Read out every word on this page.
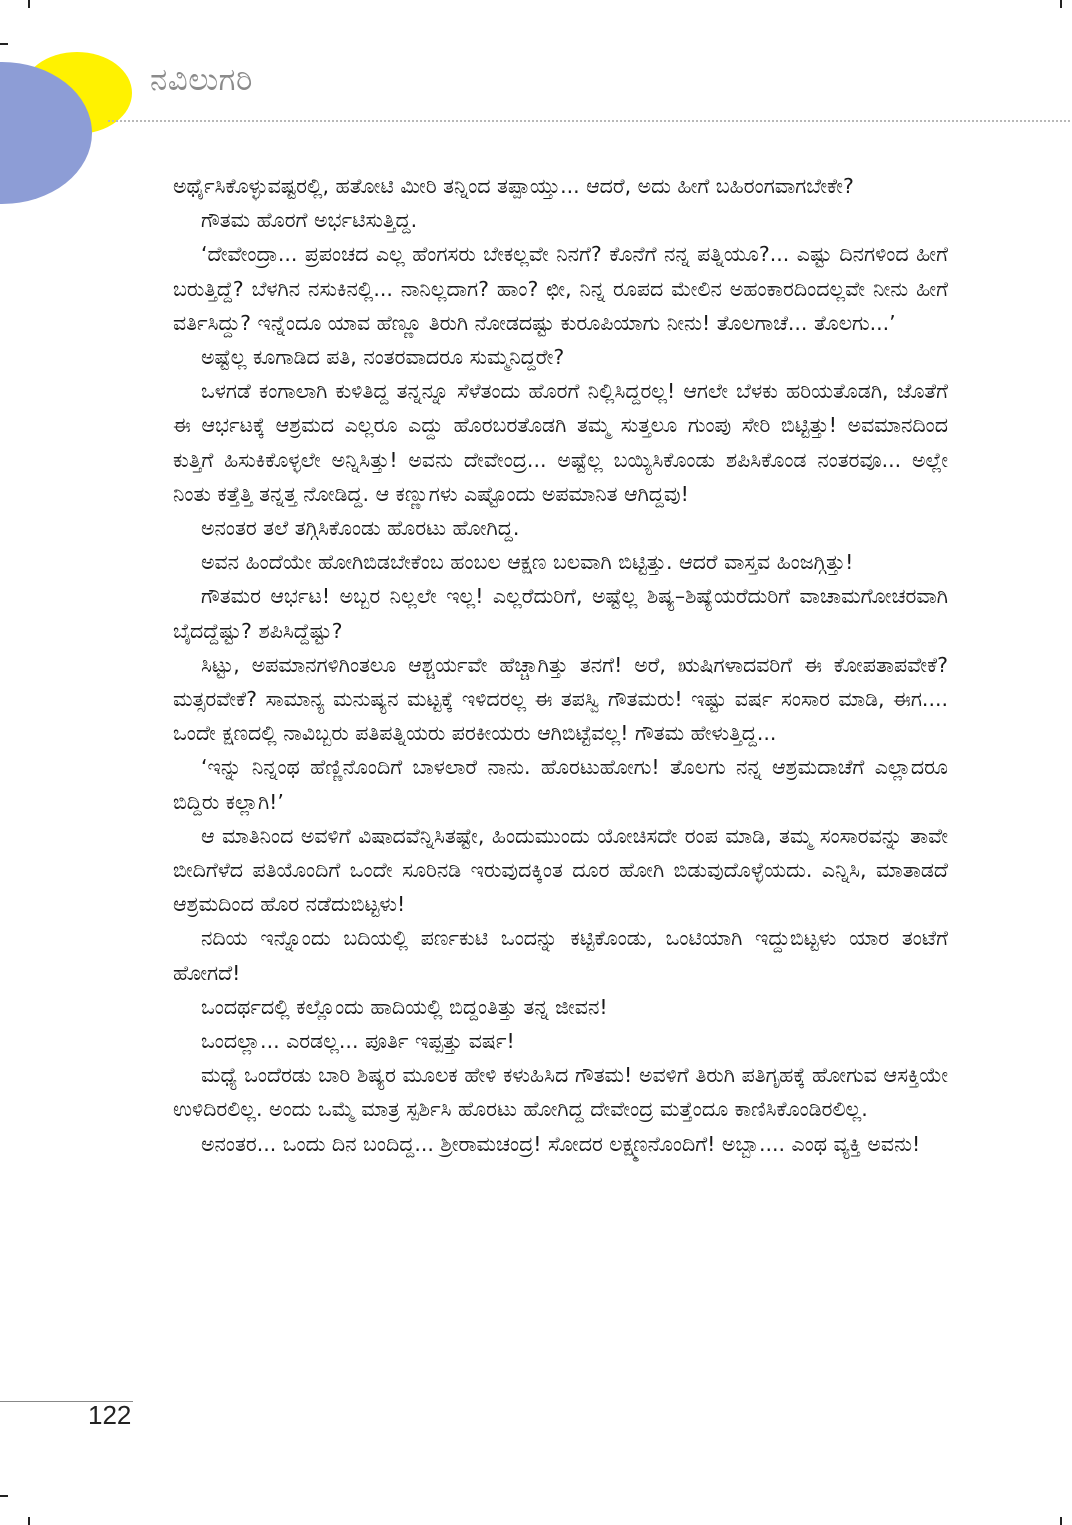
ನವಿಲುಗರಿ

ಅರ್ಥೈಸಿಕೊಳ್ಳುವಷ್ಟರಲ್ಲಿ, ಹತೋಟಿ ಮೀರಿ ತನ್ನಿಂದ ತಪ್ಪಾಯ್ತು... ಆದರೆ, ಅದು ಹೀಗೆ ಬಹಿರಂಗವಾಗಬೇಕೇ?

ಗೌತಮ ಹೊರಗೆ ಅರ್ಭಟಿಸುತ್ತಿದ್ದ.

‘ದೇವೇಂದ್ರಾ... ಪ್ರಪಂಚದ ಎಲ್ಲ ಹೆಂಗಸರು ಬೇಕಲ್ಲವೇ ನಿನಗೆ? ಕೊನೆಗೆ ನನ್ನ ಪತ್ನಿಯೂ?... ಎಷ್ಟು ದಿನಗಳಿಂದ ಹೀಗೆ ಬರುತ್ತಿದ್ದೆ? ಬೆಳಗಿನ ನಸುಕಿನಲ್ಲಿ... ನಾನಿಲ್ಲದಾಗ? ಹಾಂ? ಛೀ, ನಿನ್ನ ರೂಪದ ಮೇಲಿನ ಅಹಂಕಾರದಿಂದಲ್ಲವೇ ನೀನು ಹೀಗೆ ವರ್ತಿಸಿದ್ದು? ಇನ್ನೆಂದೂ ಯಾವ ಹೆಣ್ಣೂ ತಿರುಗಿ ನೋಡದಷ್ಟು ಕುರೂಪಿಯಾಗು ನೀನು! ತೊಲಗಾಚೆ... ತೊಲಗು...’

ಅಷ್ಟೆಲ್ಲ ಕೂಗಾಡಿದ ಪತಿ, ನಂತರವಾದರೂ ಸುಮ್ಮನಿದ್ದರೇ?

ಒಳಗಡೆ ಕಂಗಾಲಾಗಿ ಕುಳಿತಿದ್ದ ತನ್ನನ್ನೂ ಸೆಳೆತಂದು ಹೊರಗೆ ನಿಲ್ಲಿಸಿದ್ದರಲ್ಲ! ಆಗಲೇ ಬೆಳಕು ಹರಿಯತೊಡಗಿ, ಜೊತೆಗೆ ಈ ಆರ್ಭಟಕ್ಕೆ ಆಶ್ರಮದ ಎಲ್ಲರೂ ಎದ್ದು ಹೊರಬರತೊಡಗಿ ತಮ್ಮ ಸುತ್ತಲೂ ಗುಂಪು ಸೇರಿ ಬಿಟ್ಟಿತ್ತು! ಅವಮಾನದಿಂದ ಕುತ್ತಿಗೆ ಹಿಸುಕಿಕೊಳ್ಳಲೇ ಅನ್ನಿಸಿತ್ತು! ಅವನು ದೇವೇಂದ್ರ... ಅಷ್ಟೆಲ್ಲ ಬಯ್ಯಿಸಿಕೊಂಡು ಶಪಿಸಿಕೊಂಡ ನಂತರವೂ... ಅಲ್ಲೇ ನಿಂತು ಕತ್ತೆತ್ತಿ ತನ್ನತ್ತ ನೋಡಿದ್ದ. ಆ ಕಣ್ಣುಗಳು ಎಷ್ಟೊಂದು ಅಪಮಾನಿತ ಆಗಿದ್ದವು!

ಅನಂತರ ತಲೆ ತಗ್ಗಿಸಿಕೊಂಡು ಹೊರಟು ಹೋಗಿದ್ದ.

ಅವನ ಹಿಂದೆಯೇ ಹೋಗಿಬಿಡಬೇಕೆಂಬ ಹಂಬಲ ಆಕ್ಷಣ ಬಲವಾಗಿ ಬಿಟ್ಟಿತ್ತು. ಆದರೆ ವಾಸ್ತವ ಹಿಂಜಗ್ಗಿತ್ತು!

ಗೌತಮರ ಆರ್ಭಟ! ಅಬ್ಬರ ನಿಲ್ಲಲೇ ಇಲ್ಲ! ಎಲ್ಲರೆದುರಿಗೆ, ಅಷ್ಟೆಲ್ಲ ಶಿಷ್ಯ–ಶಿಷ್ಯೆಯರೆದುರಿಗೆ ವಾಚಾಮಗೋಚರವಾಗಿ ಬೈದದ್ದೆಷ್ಟು? ಶಪಿಸಿದ್ದೆಷ್ಟು?

ಸಿಟ್ಟು, ಅಪಮಾನಗಳಿಗಿಂತಲೂ ಆಶ್ಚರ್ಯವೇ ಹೆಚ್ಚಾಗಿತ್ತು ತನಗೆ! ಅರೆ, ಋಷಿಗಳಾದವರಿಗೆ ಈ ಕೋಪತಾಪವೇಕೆ? ಮತ್ಸರವೇಕೆ? ಸಾಮಾನ್ಯ ಮನುಷ್ಯನ ಮಟ್ಟಕ್ಕೆ ಇಳಿದರಲ್ಲ ಈ ತಪಸ್ವಿ ಗೌತಮರು! ಇಷ್ಟು ವರ್ಷ ಸಂಸಾರ ಮಾಡಿ, ಈಗ.... ಒಂದೇ ಕ್ಷಣದಲ್ಲಿ ನಾವಿಬ್ಬರು ಪತಿಪತ್ನಿಯರು ಪರಕೀಯರು ಆಗಿಬಿಟ್ಟೆವಲ್ಲ! ಗೌತಮ ಹೇಳುತ್ತಿದ್ದ...

‘ಇನ್ನು ನಿನ್ನಂಥ ಹೆಣ್ಣಿನೊಂದಿಗೆ ಬಾಳಲಾರೆ ನಾನು. ಹೊರಟುಹೋಗು! ತೊಲಗು ನನ್ನ ಆಶ್ರಮದಾಚೆಗೆ ಎಲ್ಲಾದರೂ ಬಿದ್ದಿರು ಕಲ್ಲಾಗಿ!’

ಆ ಮಾತಿನಿಂದ ಅವಳಿಗೆ ವಿಷಾದವೆನ್ನಿಸಿತಷ್ಟೇ, ಹಿಂದುಮುಂದು ಯೋಚಿಸದೇ ರಂಪ ಮಾಡಿ, ತಮ್ಮ ಸಂಸಾರವನ್ನು ತಾವೇ ಬೀದಿಗೆಳೆದ ಪತಿಯೊಂದಿಗೆ ಒಂದೇ ಸೂರಿನಡಿ ಇರುವುದಕ್ಕಿಂತ ದೂರ ಹೋಗಿ ಬಿಡುವುದೊಳ್ಳೆಯದು. ಎನ್ನಿಸಿ, ಮಾತಾಡದೆ ಆಶ್ರಮದಿಂದ ಹೊರ ನಡೆದುಬಿಟ್ಟಳು!

ನದಿಯ ಇನ್ನೊಂದು ಬದಿಯಲ್ಲಿ ಪರ್ಣಕುಟಿ ಒಂದನ್ನು ಕಟ್ಟಿಕೊಂಡು, ಒಂಟಿಯಾಗಿ ಇದ್ದುಬಿಟ್ಟಳು ಯಾರ ತಂಟೆಗೆ ಹೋಗದೆ!

ಒಂದರ್ಥದಲ್ಲಿ ಕಲ್ಲೊಂದು ಹಾದಿಯಲ್ಲಿ ಬಿದ್ದಂತಿತ್ತು ತನ್ನ ಜೀವನ!

ಒಂದಲ್ಲಾ... ಎರಡಲ್ಲ... ಪೂರ್ತಿ ಇಪ್ಪತ್ತು ವರ್ಷ!

ಮಧ್ಯೆ ಒಂದೆರಡು ಬಾರಿ ಶಿಷ್ಯರ ಮೂಲಕ ಹೇಳಿ ಕಳುಹಿಸಿದ ಗೌತಮ! ಅವಳಿಗೆ ತಿರುಗಿ ಪತಿಗೃಹಕ್ಕೆ ಹೋಗುವ ಆಸಕ್ತಿಯೇ ಉಳಿದಿರಲಿಲ್ಲ. ಅಂದು ಒಮ್ಮೆ ಮಾತ್ರ ಸ್ಪರ್ಶಿಸಿ ಹೊರಟು ಹೋಗಿದ್ದ ದೇವೇಂದ್ರ ಮತ್ತೆಂದೂ ಕಾಣಿಸಿಕೊಂಡಿರಲಿಲ್ಲ.

ಅನಂತರ... ಒಂದು ದಿನ ಬಂದಿದ್ದ... ಶ್ರೀರಾಮಚಂದ್ರ! ಸೋದರ ಲಕ್ಷ್ಮಣನೊಂದಿಗೆ! ಅಬ್ಬಾ.... ಎಂಥ ವ್ಯಕ್ತಿ ಅವನು!

122
